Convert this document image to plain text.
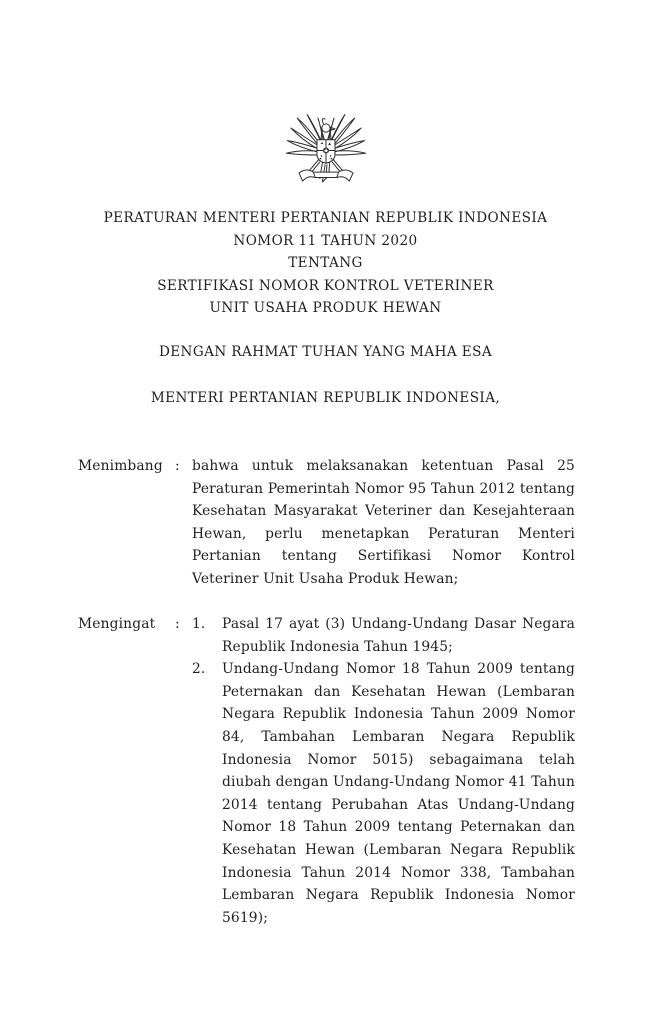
PERATURAN MENTERI PERTANIAN REPUBLIK INDONESIA
NOMOR 11 TAHUN 2020
TENTANG
SERTIFIKASI NOMOR KONTROL VETERINER
UNIT USAHA PRODUK HEWAN
DENGAN RAHMAT TUHAN YANG MAHA ESA
MENTERI PERTANIAN REPUBLIK INDONESIA,
Menimbang : bahwa untuk melaksanakan ketentuan Pasal 25 Peraturan Pemerintah Nomor 95 Tahun 2012 tentang Kesehatan Masyarakat Veteriner dan Kesejahteraan Hewan, perlu menetapkan Peraturan Menteri Pertanian tentang Sertifikasi Nomor Kontrol Veteriner Unit Usaha Produk Hewan;

Mengingat	: 1.	Pasal 17 ayat (3) Undang-Undang Dasar Negara Republik Indonesia Tahun 1945;

2.	Undang-Undang Nomor 18 Tahun 2009 tentang Peternakan dan Kesehatan Hewan (Lembaran Negara Republik Indonesia Tahun 2009 Nomor 84, Tambahan Lembaran Negara Republik Indonesia Nomor 5015) sebagaimana telah diubah dengan Undang-Undang Nomor 41 Tahun 2014 tentang Perubahan Atas Undang-Undang Nomor 18 Tahun 2009 tentang Peternakan dan Kesehatan Hewan (Lembaran Negara Republik Indonesia Tahun 2014 Nomor 338, Tambahan Lembaran Negara Republik Indonesia Nomor 5619);
